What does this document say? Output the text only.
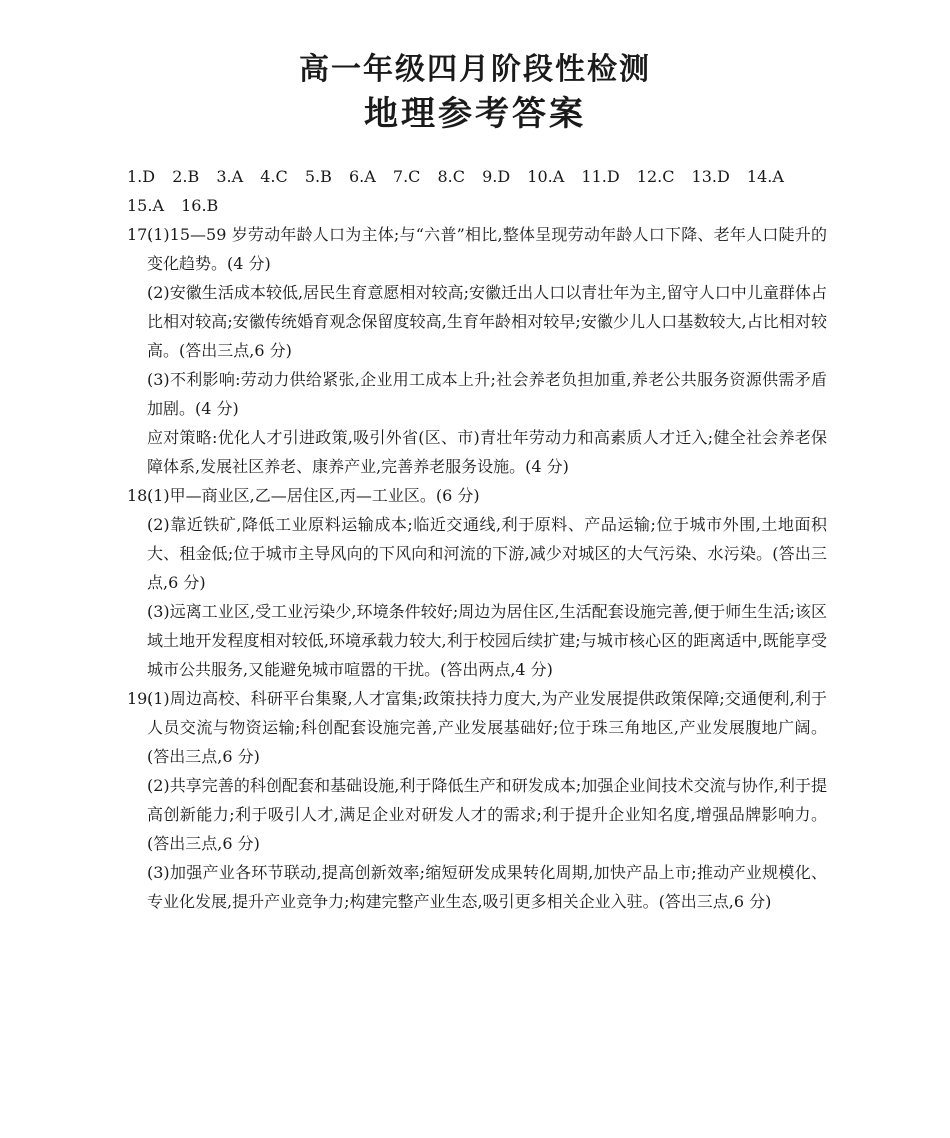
高一年级四月阶段性检测
地理参考答案
1.D 2.B 3.A 4.C 5.B 6.A 7.C 8.C 9.D 10.A 11.D 12.C 13.D 14.A
15.A 16.B
17.

(1)15—59 岁劳动年龄人口为主体;与“六普”相比,整体呈现劳动年龄人口下降、老年人口陡升的变化趋势。(4 分)

(2)安徽生活成本较低,居民生育意愿相对较高;安徽迁出人口以青壮年为主,留守人口中儿童群体占比相对较高;安徽传统婚育观念保留度较高,生育年龄相对较早;安徽少儿人口基数较大,占比相对较高。(答出三点,6 分)

(3)不利影响:劳动力供给紧张,企业用工成本上升;社会养老负担加重,养老公共服务资源供需矛盾加剧。(4 分)

应对策略:优化人才引进政策,吸引外省(区、市)青壮年劳动力和高素质人才迁入;健全社会养老保障体系,发展社区养老、康养产业,完善养老服务设施。(4 分)

18.

(1)甲—商业区,乙—居住区,丙—工业区。(6 分)

(2)靠近铁矿,降低工业原料运输成本;临近交通线,利于原料、产品运输;位于城市外围,土地面积大、租金低;位于城市主导风向的下风向和河流的下游,减少对城区的大气污染、水污染。(答出三点,6 分)

(3)远离工业区,受工业污染少,环境条件较好;周边为居住区,生活配套设施完善,便于师生生活;该区域土地开发程度相对较低,环境承载力较大,利于校园后续扩建;与城市核心区的距离适中,既能享受城市公共服务,又能避免城市喧嚣的干扰。(答出两点,4 分)

19.

(1)周边高校、科研平台集聚,人才富集;政策扶持力度大,为产业发展提供政策保障;交通便利,利于人员交流与物资运输;科创配套设施完善,产业发展基础好;位于珠三角地区,产业发展腹地广阔。(答出三点,6 分)

(2)共享完善的科创配套和基础设施,利于降低生产和研发成本;加强企业间技术交流与协作,利于提高创新能力;利于吸引人才,满足企业对研发人才的需求;利于提升企业知名度,增强品牌影响力。(答出三点,6 分)

(3)加强产业各环节联动,提高创新效率;缩短研发成果转化周期,加快产品上市;推动产业规模化、专业化发展,提升产业竞争力;构建完整产业生态,吸引更多相关企业入驻。(答出三点,6 分)
